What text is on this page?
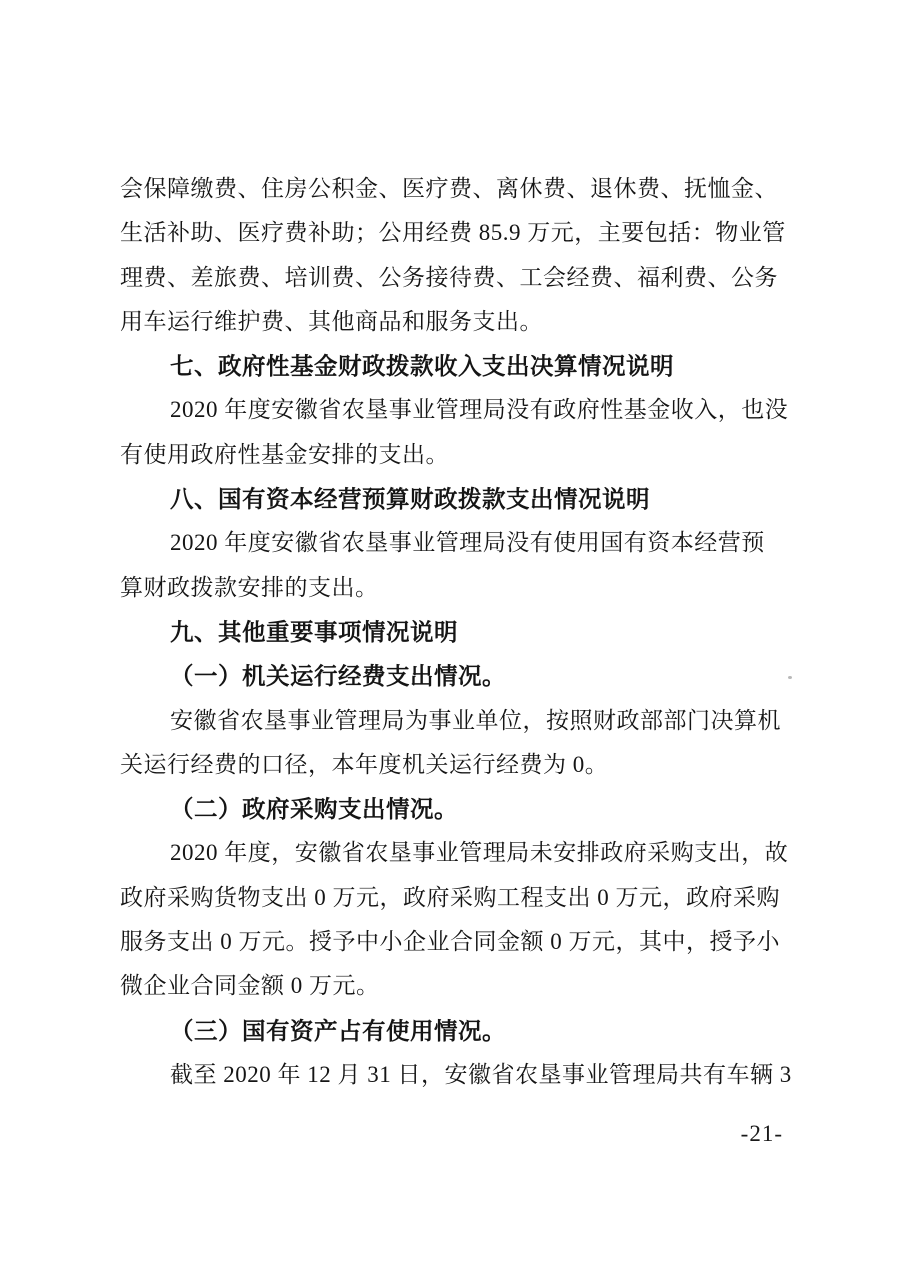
会保障缴费、住房公积金、医疗费、离休费、退休费、抚恤金、
生活补助、医疗费补助；公用经费 85.9 万元，主要包括：物业管
理费、差旅费、培训费、公务接待费、工会经费、福利费、公务
用车运行维护费、其他商品和服务支出。
七、政府性基金财政拨款收入支出决算情况说明
2020 年度安徽省农垦事业管理局没有政府性基金收入，也没
有使用政府性基金安排的支出。
八、国有资本经营预算财政拨款支出情况说明
2020 年度安徽省农垦事业管理局没有使用国有资本经营预
算财政拨款安排的支出。
九、其他重要事项情况说明
（一）机关运行经费支出情况。
安徽省农垦事业管理局为事业单位，按照财政部部门决算机
关运行经费的口径，本年度机关运行经费为 0。
（二）政府采购支出情况。
2020 年度，安徽省农垦事业管理局未安排政府采购支出，故
政府采购货物支出 0 万元，政府采购工程支出 0 万元，政府采购
服务支出 0 万元。授予中小企业合同金额 0 万元，其中，授予小
微企业合同金额 0 万元。
（三）国有资产占有使用情况。
截至 2020 年 12 月 31 日，安徽省农垦事业管理局共有车辆 3
-21-
